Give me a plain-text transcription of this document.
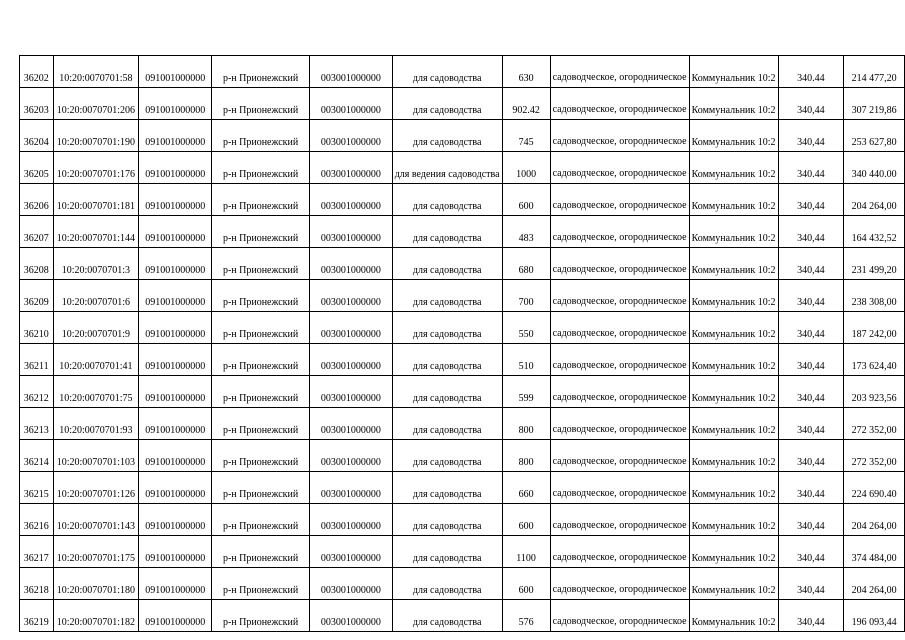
36202	10:20:0070701:58	091001000000	р-н Прионежский	003001000000	для садоводства	630	садоводческое, огородническое	Коммунальник 10:2	340.44	214 477,20
36203	10:20:0070701:206	091001000000	р-н Прионежский	003001000000	для садоводства	902.42	садоводческое, огородническое	Коммунальник 10:2	340,44	307 219,86
36204	10:20:0070701:190	091001000000	р-н Прионежский	003001000000	для садоводства	745	садоводческое, огородническое	Коммунальник 10:2	340,44	253 627,80
36205	10:20:0070701:176	091001000000	р-н Прионежский	003001000000	для ведения садоводства	1000	садоводческое, огородническое	Коммунальник 10:2	340.44	340 440.00
36206	10:20:0070701:181	091001000000	р-н Прионежский	003001000000	для садоводства	600	садоводческое, огородническое	Коммунальник 10:2	340,44	204 264,00
36207	10:20:0070701:144	091001000000	р-н Прионежский	003001000000	для садоводства	483	садоводческое, огородническое	Коммунальник 10:2	340,44	164 432,52
36208	10:20:0070701:3	091001000000	р-н Прионежский	003001000000	для садоводства	680	садоводческое, огородническое	Коммунальник 10:2	340,44	231 499,20
36209	10:20:0070701:6	091001000000	р-н Прионежский	003001000000	для садоводства	700	садоводческое, огородническое	Коммунальник 10:2	340,44	238 308,00
36210	10:20:0070701:9	091001000000	р-н Прионежский	003001000000	для садоводства	550	садоводческое, огородническое	Коммунальник 10:2	340,44	187 242,00
36211	10:20:0070701:41	091001000000	р-н Прионежский	003001000000	для садоводства	510	садоводческое, огородническое	Коммунальник 10:2	340,44	173 624,40
36212	10:20:0070701:75	091001000000	р-н Прионежский	003001000000	для садоводства	599	садоводческое, огородническое	Коммунальник 10:2	340,44	203 923,56
36213	10:20:0070701:93	091001000000	р-н Прионежский	003001000000	для садоводства	800	садоводческое, огородническое	Коммунальник 10:2	340,44	272 352,00
36214	10:20:0070701:103	091001000000	р-н Прионежский	003001000000	для садоводства	800	садоводческое, огородническое	Коммунальник 10:2	340,44	272 352,00
36215	10:20:0070701:126	091001000000	р-н Прионежский	003001000000	для садоводства	660	садоводческое, огородническое	Коммунальник 10:2	340.44	224 690.40
36216	10:20:0070701:143	091001000000	р-н Прионежский	003001000000	для садоводства	600	садоводческое, огородническое	Коммунальник 10:2	340,44	204 264,00
36217	10:20:0070701:175	091001000000	р-н Прионежский	003001000000	для садоводства	1100	садоводческое, огородническое	Коммунальник 10:2	340,44	374 484,00
36218	10:20:0070701:180	091001000000	р-н Прионежский	003001000000	для садоводства	600	садоводческое, огородническое	Коммунальник 10:2	340,44	204 264,00
36219	10:20:0070701:182	091001000000	р-н Прионежский	003001000000	для садоводства	576	садоводческое, огородническое	Коммунальник 10:2	340,44	196 093,44
